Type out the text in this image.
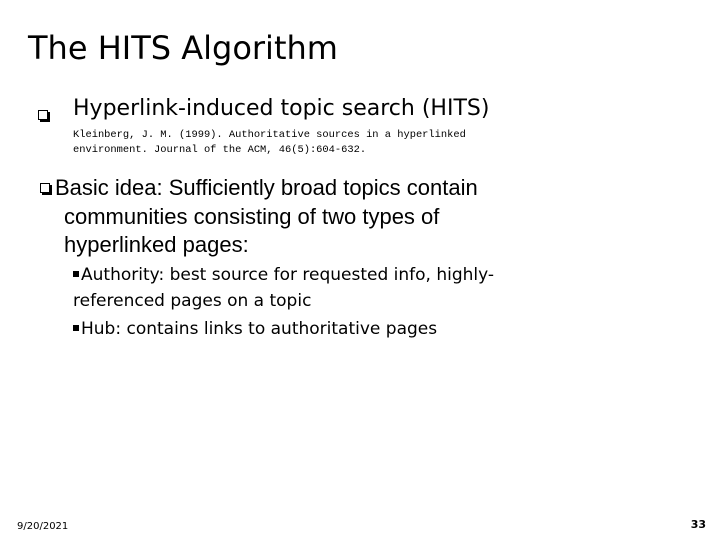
The HITS Algorithm
Hyperlink-induced topic search (HITS)
Kleinberg, J. M. (1999). Authoritative sources in a hyperlinked
environment. Journal of the ACM, 46(5):604-632.
Basic idea: Sufficiently broad topics contain
communities consisting of two types of
hyperlinked pages:
Authority: best source for requested info, highly-
referenced pages on a topic
Hub: contains links to authoritative pages
9/20/2021	33
